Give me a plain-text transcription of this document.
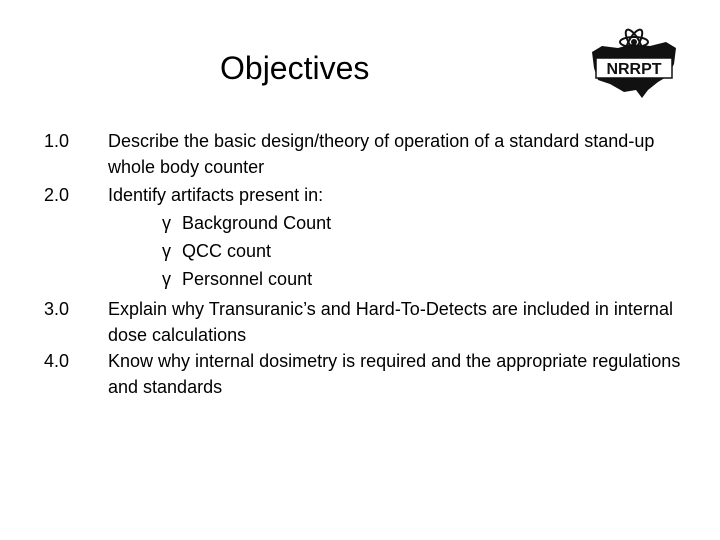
Objectives	NRRPT
1.0 Describe the basic design/theory of operation of a standard stand-up whole body counter
2.0 Identify artifacts present in:
γ Background Count
γ QCC count
γ Personnel count
3.0 Explain why Transuranic’s and Hard-To-Detects are included in internal dose calculations
4.0 Know why internal dosimetry is required and the appropriate regulations and standards
